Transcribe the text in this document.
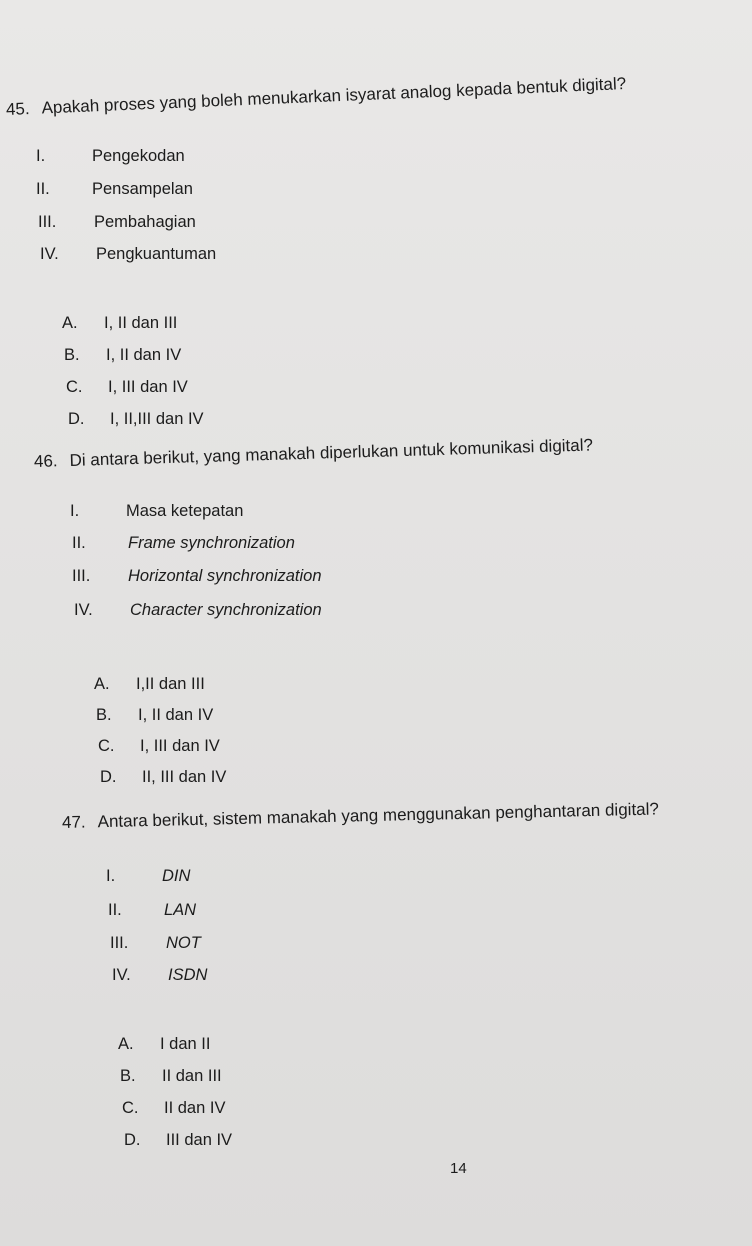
45. Apakah proses yang boleh menukarkan isyarat analog kepada bentuk digital?
I.	Pengekodan
II.	Pensampelan
III. Pembahagian
IV. Pengkuantuman
A. I, II dan III
B. I, II dan IV
C. I, III dan IV
D. I, II,III dan IV
46. Di antara berikut, yang manakah diperlukan untuk komunikasi digital?
I.	Masa ketepatan
II.	Frame synchronization
III. Horizontal synchronization
IV. Character synchronization
A. I,II dan III
B. I, II dan IV
C. I, III dan IV
D. II, III dan IV
47. Antara berikut, sistem manakah yang menggunakan penghantaran digital?
I.	DIN
II.	LAN
III. NOT
IV. ISDN
A. I dan II
B. II dan III
C. II dan IV
D. III dan IV
14
